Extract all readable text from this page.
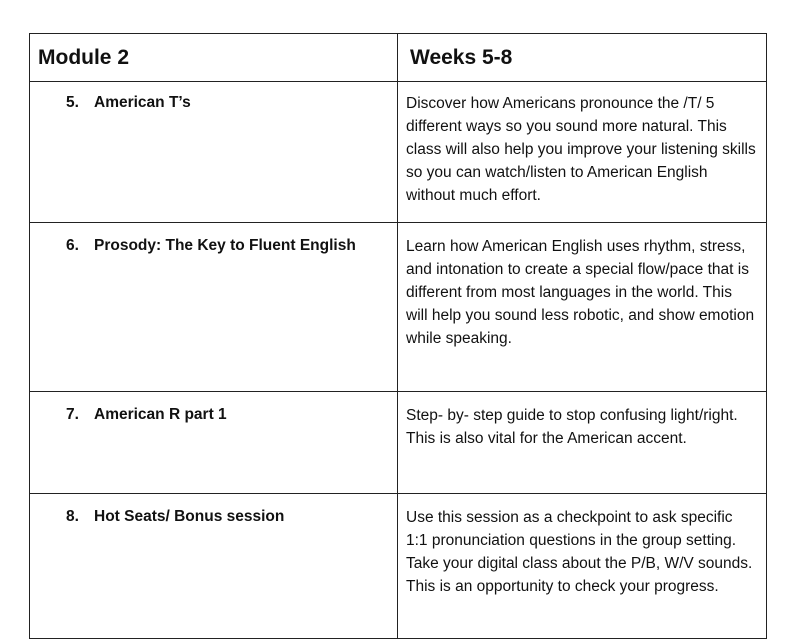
Module 2	Weeks 5-8

5. American T’s	Discover how Americans pronounce the /T/ 5 different ways so you sound more natural. This class will also help you improve your listening skills so you can watch/listen to American English without much effort.

6. Prosody: The Key to Fluent English	Learn how American English uses rhythm, stress, and intonation to create a special flow/pace that is different from most languages in the world. This will help you sound less robotic, and show emotion while speaking.

7. American R part 1	Step- by- step guide to stop confusing light/right. This is also vital for the American accent.

8. Hot Seats/ Bonus session	Use this session as a checkpoint to ask specific 1:1 pronunciation questions in the group setting. Take your digital class about the P/B, W/V sounds. This is an opportunity to check your progress.
